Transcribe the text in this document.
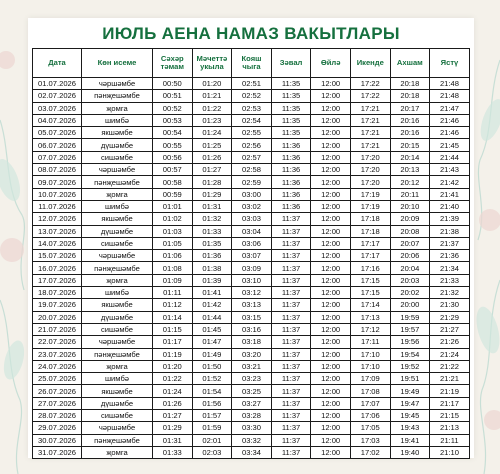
ИЮЛЬ АЕНА НАМАЗ ВАКЫТЛАРЫ
Дата	Көн исеме	Сәхәр тәмам	Мәчеттә укыла	Кояш чыга	Зәвал	Өйлә	Икенде	Ахшам	Ястү
01.07.2026	чәршәмбе	00:50	01:20	02:51	11:35	12:00	17:22	20:18	21:48
02.07.2026	пәнҗешәмбе	00:51	01:21	02:52	11:35	12:00	17:22	20:18	21:48
03.07.2026	җомга	00:52	01:22	02:53	11:35	12:00	17:21	20:17	21:47
04.07.2026	шимбә	00:53	01:23	02:54	11:35	12:00	17:21	20:16	21:46
05.07.2026	якшәмбе	00:54	01:24	02:55	11:35	12:00	17:21	20:16	21:46
06.07.2026	дүшәмбе	00:55	01:25	02:56	11:36	12:00	17:21	20:15	21:45
07.07.2026	сишәмбе	00:56	01:26	02:57	11:36	12:00	17:20	20:14	21:44
08.07.2026	чәршәмбе	00:57	01:27	02:58	11:36	12:00	17:20	20:13	21:43
09.07.2026	пәнҗешәмбе	00:58	01:28	02:59	11:36	12:00	17:20	20:12	21:42
10.07.2026	җомга	00:59	01:29	03:00	11:36	12:00	17:19	20:11	21:41
11.07.2026	шимбә	01:01	01:31	03:02	11:36	12:00	17:19	20:10	21:40
12.07.2026	якшәмбе	01:02	01:32	03:03	11:37	12:00	17:18	20:09	21:39
13.07.2026	дүшәмбе	01:03	01:33	03:04	11:37	12:00	17:18	20:08	21:38
14.07.2026	сишәмбе	01:05	01:35	03:06	11:37	12:00	17:17	20:07	21:37
15.07.2026	чәршәмбе	01:06	01:36	03:07	11:37	12:00	17:17	20:06	21:36
16.07.2026	пәнҗешәмбе	01:08	01:38	03:09	11:37	12:00	17:16	20:04	21:34
17.07.2026	җомга	01:09	01:39	03:10	11:37	12:00	17:15	20:03	21:33
18.07.2026	шимбә	01:11	01:41	03:12	11:37	12:00	17:15	20:02	21:32
19.07.2026	якшәмбе	01:12	01:42	03:13	11:37	12:00	17:14	20:00	21:30
20.07.2026	дүшәмбе	01:14	01:44	03:15	11:37	12:00	17:13	19:59	21:29
21.07.2026	сишәмбе	01:15	01:45	03:16	11:37	12:00	17:12	19:57	21:27
22.07.2026	чәршәмбе	01:17	01:47	03:18	11:37	12:00	17:11	19:56	21:26
23.07.2026	пәнҗешәмбе	01:19	01:49	03:20	11:37	12:00	17:10	19:54	21:24
24.07.2026	җомга	01:20	01:50	03:21	11:37	12:00	17:10	19:52	21:22
25.07.2026	шимбә	01:22	01:52	03:23	11:37	12:00	17:09	19:51	21:21
26.07.2026	якшәмбе	01:24	01:54	03:25	11:37	12:00	17:08	19:49	21:19
27.07.2026	дүшәмбе	01:26	01:56	03:27	11:37	12:00	17:07	19:47	21:17
28.07.2026	сишәмбе	01:27	01:57	03:28	11:37	12:00	17:06	19:45	21:15
29.07.2026	чәршәмбе	01:29	01:59	03:30	11:37	12:00	17:05	19:43	21:13
30.07.2026	пәнҗешәмбе	01:31	02:01	03:32	11:37	12:00	17:03	19:41	21:11
31.07.2026	җомга	01:33	02:03	03:34	11:37	12:00	17:02	19:40	21:10
